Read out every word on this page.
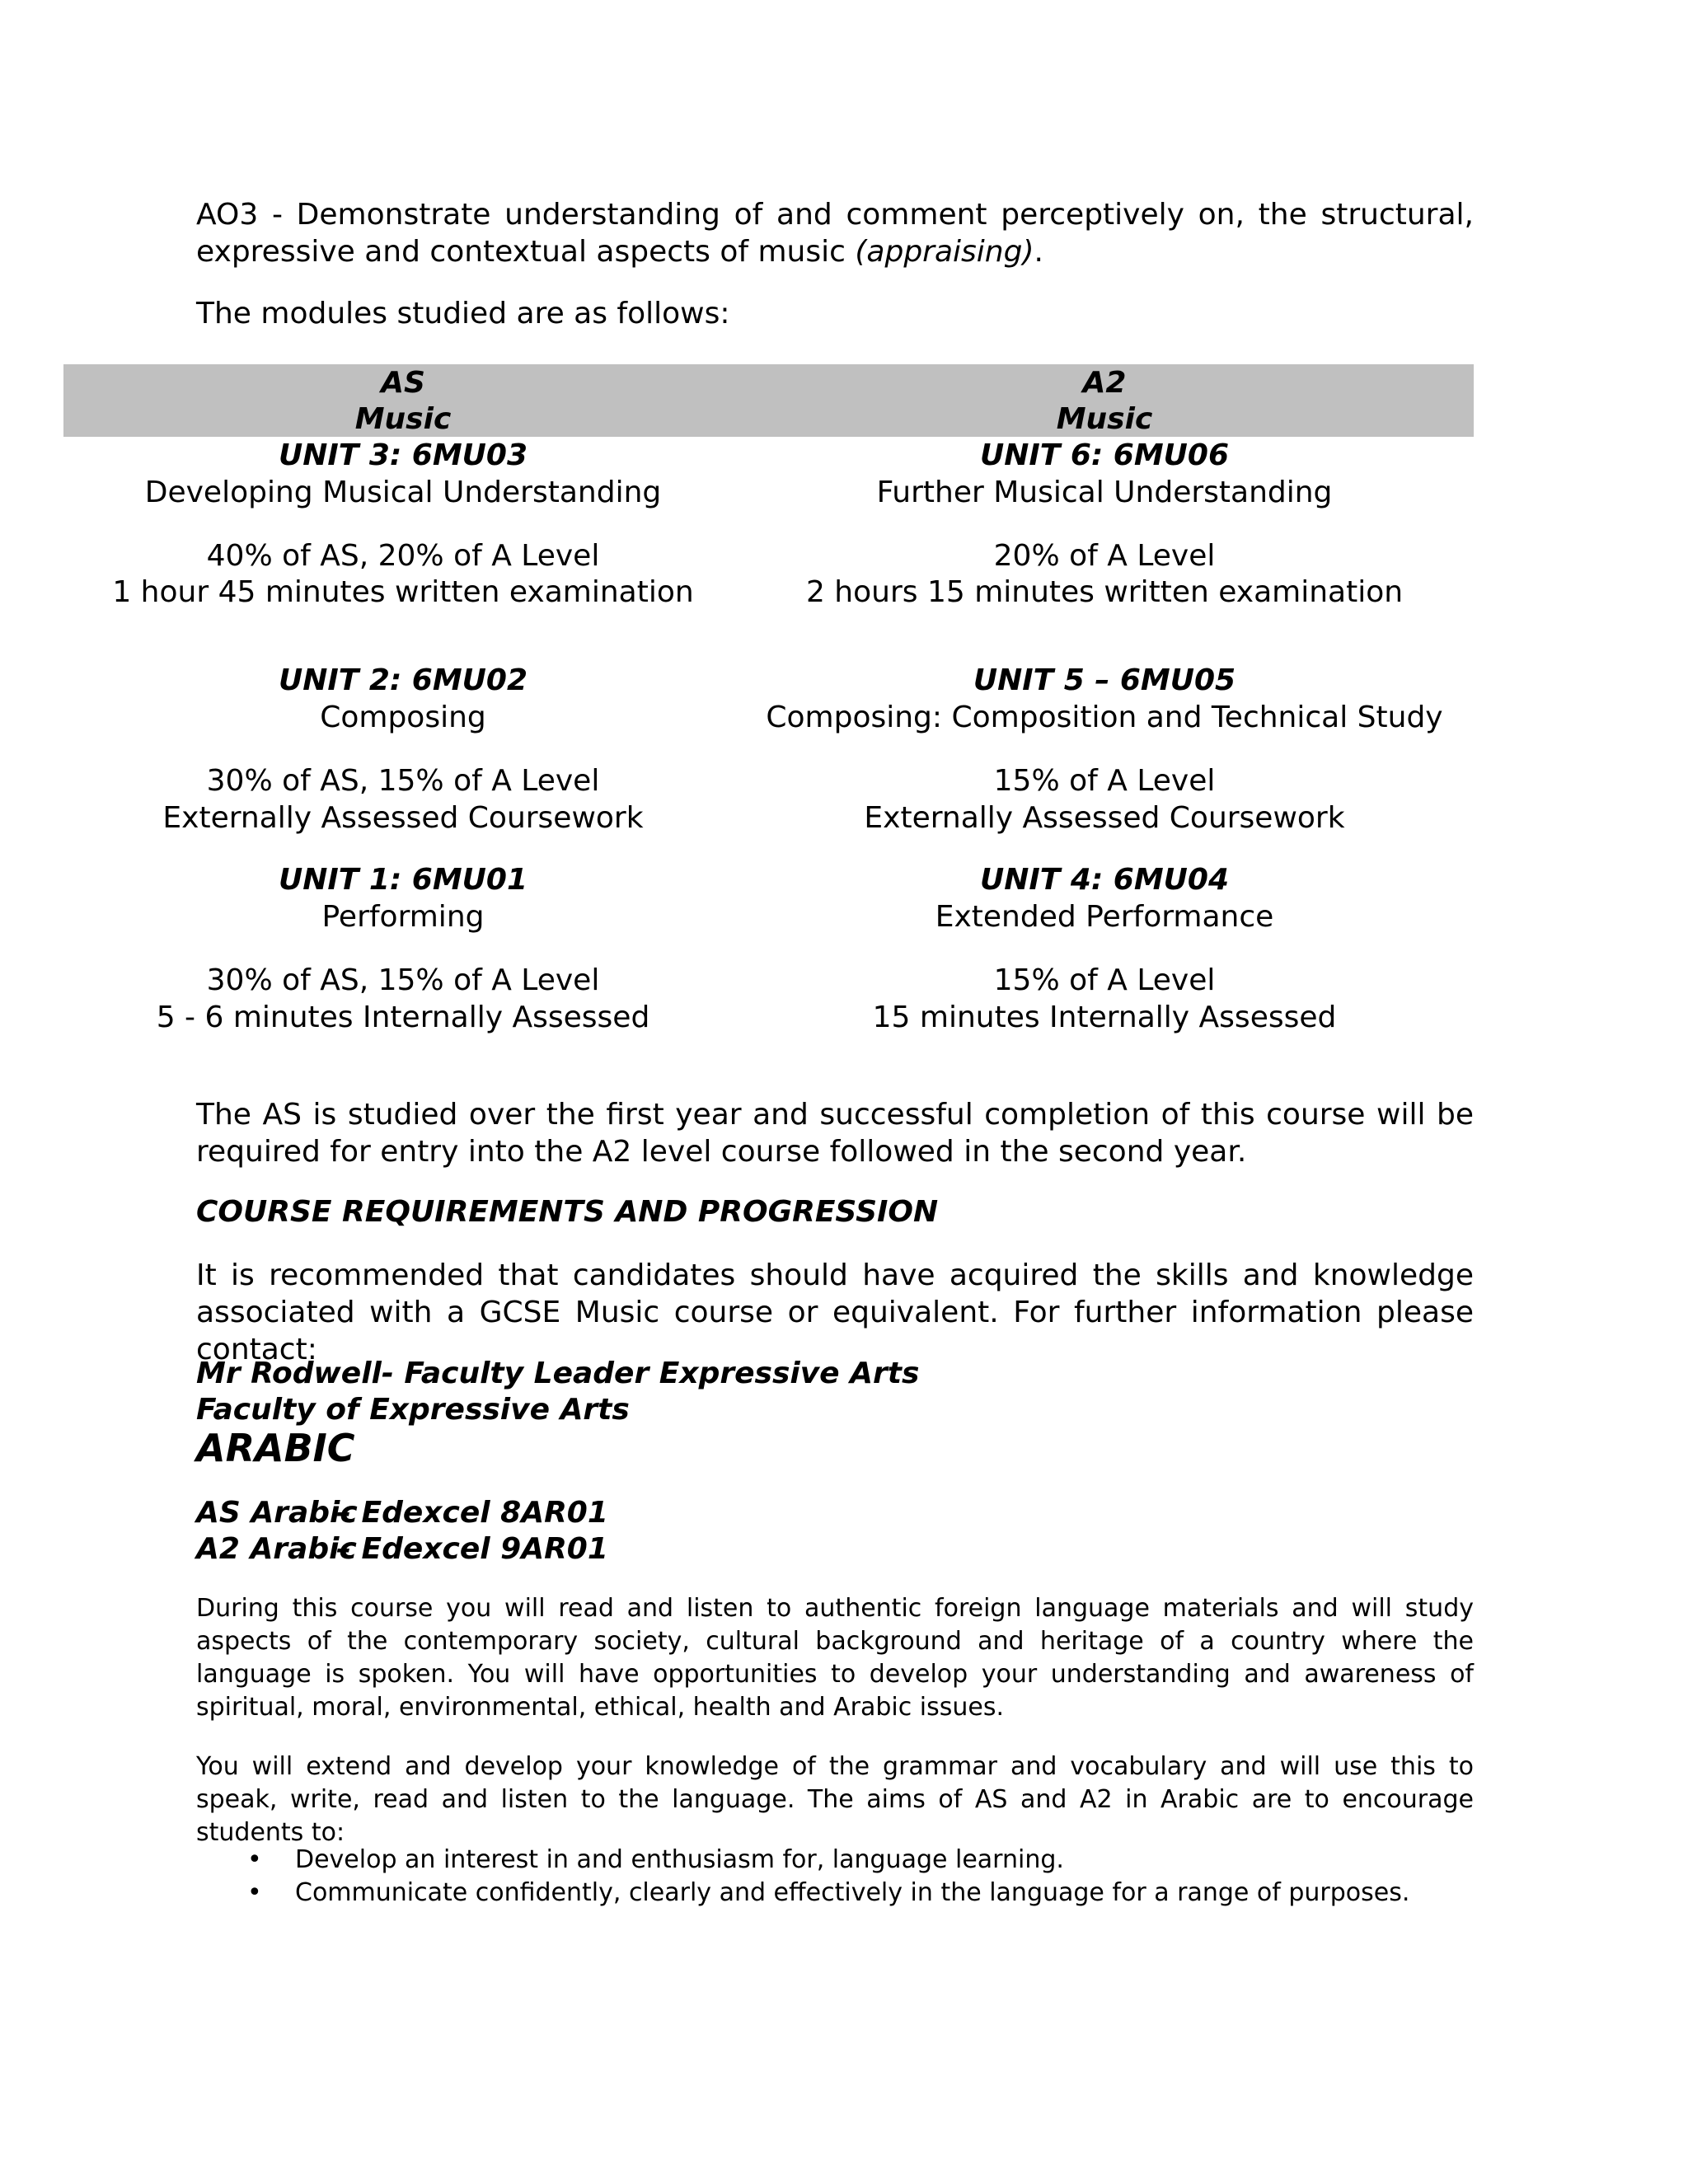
AO3 - Demonstrate understanding of and comment perceptively on, the structural, expressive and contextual aspects of music (appraising).

The modules studied are as follows:

AS
Music
A2
Music
UNIT 3: 6MU03
Developing Musical Understanding
40% of AS, 20% of A Level
1 hour 45 minutes written examination
UNIT 6: 6MU06
Further Musical Understanding
20% of A Level
2 hours 15 minutes written examination
UNIT 2: 6MU02
Composing
30% of AS, 15% of A Level
Externally Assessed Coursework
UNIT 5 – 6MU05
Composing: Composition and Technical Study
15% of A Level
Externally Assessed Coursework
UNIT 1: 6MU01
Performing
30% of AS, 15% of A Level
5 - 6 minutes Internally Assessed
UNIT 4: 6MU04
Extended Performance
15% of A Level
15 minutes Internally Assessed

The AS is studied over the first year and successful completion of this course will be required for entry into the A2 level course followed in the second year.

COURSE REQUIREMENTS AND PROGRESSION

It is recommended that candidates should have acquired the skills and knowledge associated with a GCSE Music course or equivalent. For further information please contact:

Mr Rodwell- Faculty Leader Expressive Arts

Faculty of Expressive Arts

ARABIC

AS Arabic– Edexcel 8AR01
A2 Arabic– Edexcel 9AR01

During this course you will read and listen to authentic foreign language materials and will study aspects of the contemporary society, cultural background and heritage of a country where the language is spoken. You will have opportunities to develop your understanding and awareness of spiritual, moral, environmental, ethical, health and Arabic issues.

You will extend and develop your knowledge of the grammar and vocabulary and will use this to speak, write, read and listen to the language. The aims of AS and A2 in Arabic are to encourage students to:

• Develop an interest in and enthusiasm for, language learning.
• Communicate confidently, clearly and effectively in the language for a range of purposes.
